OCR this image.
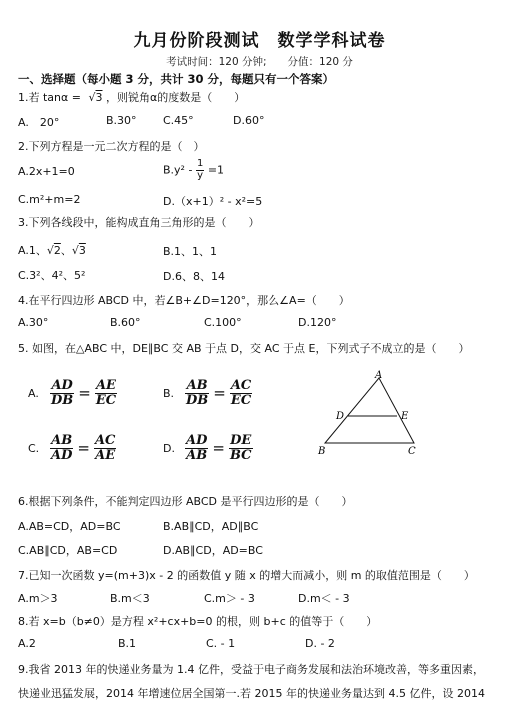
九月份阶段测试　数学学科试卷
考试时间：120 分钟;　　分值：120 分
一、选择题（每小题 3 分，共计 30 分，每题只有一个答案）
1.若 tanα = √3 ，则锐角α的度数是（　　）
A.　20°	B.30° C.45°	D.60°
2.下列方程是一元二次方程的是（　）
A.2x+1=0	$B.y^2 - \frac{1}{y} =1$
C.m²+m=2	D.（x+1）² - x²=5
3.下列各线段中，能构成直角三角形的是（　　）
A.1、√2、√3	B.1、1、1
C.3²、4²、5²	D.6、8、14
4.在平行四边形 ABCD 中，若∠B+∠D=120°，那么∠A=（　　）
A.30°	B.60°	C.100°	D.120°
5. 如图，在△ABC 中，DE∥BC 交 AB 于点 D，交 AC 于点 E，下列式子不成立的是（　　）
A. $\frac{AD}{DB} = \frac{AE}{EC}$	B. $\frac{AB}{DB} = \frac{AC}{EC}$
C. $\frac{AB}{AD} = \frac{AC}{AE}$	D. $\frac{AD}{AB} = \frac{DE}{BC}$
A
D	E
B	C
6.根据下列条件，不能判定四边形 ABCD 是平行四边形的是（　　）
A.AB=CD，AD=BC	B.AB∥CD，AD∥BC
C.AB∥CD，AB=CD	D.AB∥CD，AD=BC
7.已知一次函数 y=(m+3)x - 2 的函数值 y 随 x 的增大而减小，则 m 的取值范围是（　　）
A.m＞3	B.m＜3	C.m＞ - 3	D.m＜ - 3
8.若 x=b（b≠0）是方程 x²+cx+b=0 的根，则 b+c 的值等于（　　）
A.2	B.1	C. - 1	D. - 2
9.我省 2013 年的快递业务量为 1.4 亿件，受益于电子商务发展和法治环境改善，等多重因素，
快递业迅猛发展，2014 年增速位居全国第一.若 2015 年的快递业务量达到 4.5 亿件，设 2014
